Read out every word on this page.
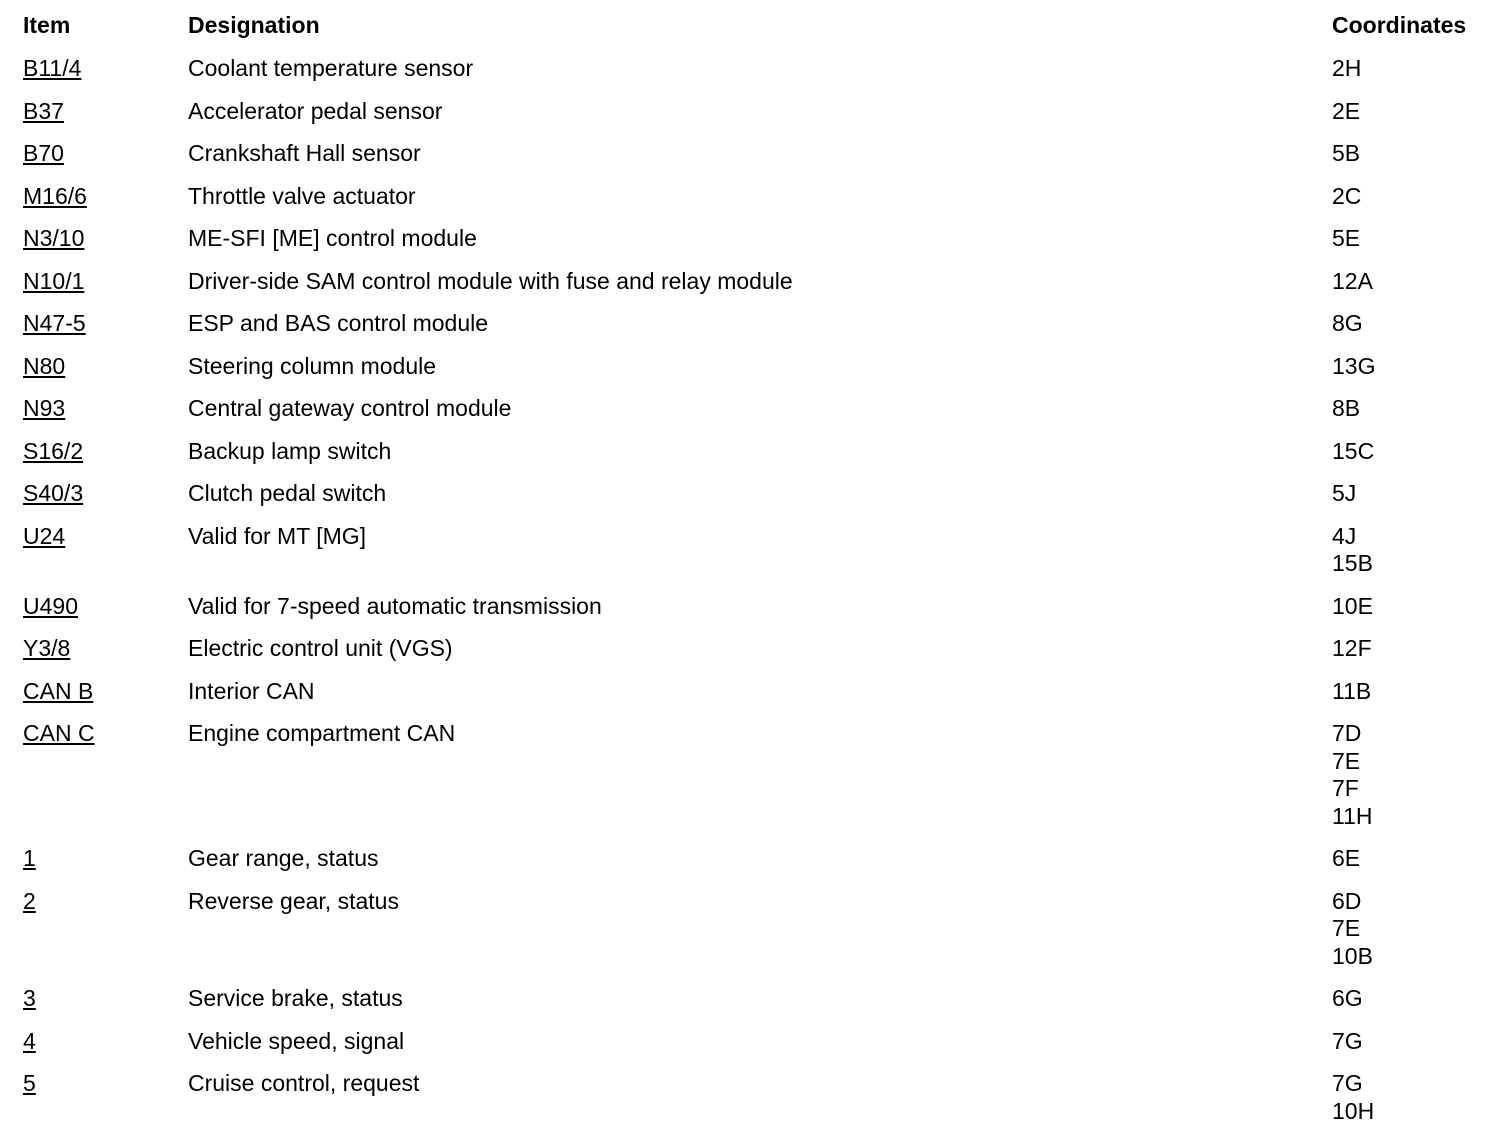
Item	Designation	Coordinates
B11/4	Coolant temperature sensor	2H
B37	Accelerator pedal sensor	2E
B70	Crankshaft Hall sensor	5B
M16/6	Throttle valve actuator	2C
N3/10	ME-SFI [ME] control module	5E
N10/1	Driver-side SAM control module with fuse and relay module	12A
N47-5	ESP and BAS control module	8G
N80	Steering column module	13G
N93	Central gateway control module	8B
S16/2	Backup lamp switch	15C
S40/3	Clutch pedal switch	5J
U24	Valid for MT [MG]	4J
15B
U490	Valid for 7-speed automatic transmission	10E
Y3/8	Electric control unit (VGS)	12F
CAN B	Interior CAN	11B
CAN C	Engine compartment CAN	7D
7E
7F
11H
1	Gear range, status	6E
2	Reverse gear, status	6D
7E
10B
3	Service brake, status	6G
4	Vehicle speed, signal	7G
5	Cruise control, request	7G
10H
